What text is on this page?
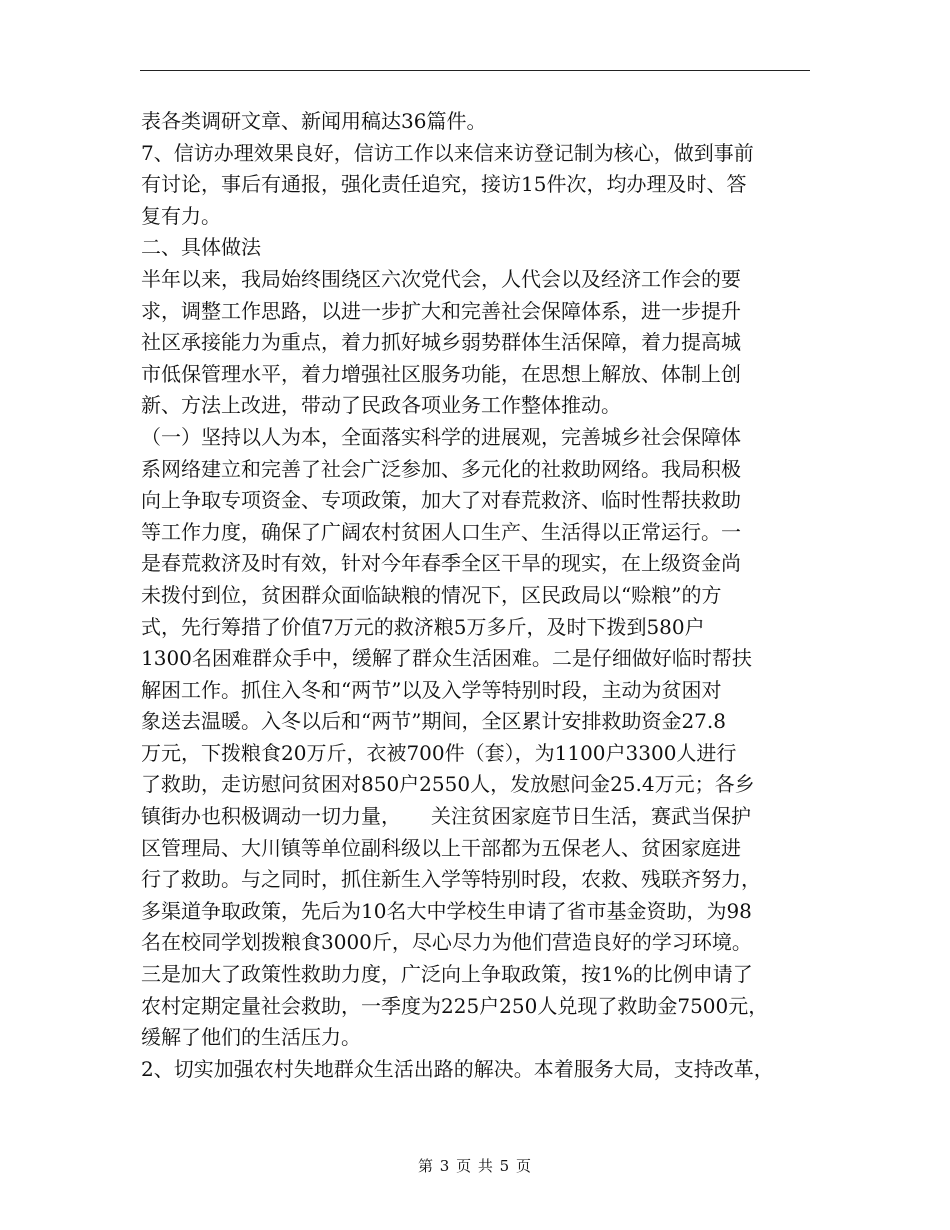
表各类调研文章、新闻用稿达36篇件。
7、信访办理效果良好，信访工作以来信来访登记制为核心，做到事前
有讨论，事后有通报，强化责任追究，接访15件次，均办理及时、答
复有力。
二、具体做法
半年以来，我局始终围绕区六次党代会，人代会以及经济工作会的要
求，调整工作思路，以进一步扩大和完善社会保障体系，进一步提升
社区承接能力为重点，着力抓好城乡弱势群体生活保障，着力提高城
市低保管理水平，着力增强社区服务功能，在思想上解放、体制上创
新、方法上改进，带动了民政各项业务工作整体推动。
（一）坚持以人为本，全面落实科学的进展观，完善城乡社会保障体
系网络建立和完善了社会广泛参加、多元化的社救助网络。我局积极
向上争取专项资金、专项政策，加大了对春荒救济、临时性帮扶救助
等工作力度，确保了广阔农村贫困人口生产、生活得以正常运行。一
是春荒救济及时有效，针对今年春季全区干旱的现实，在上级资金尚
未拨付到位，贫困群众面临缺粮的情况下，区民政局以“赊粮”的方
式，先行筹措了价值7万元的救济粮5万多斤，及时下拨到580户
1300名困难群众手中，缓解了群众生活困难。二是仔细做好临时帮扶
解困工作。抓住入冬和“两节”以及入学等特别时段，主动为贫困对
象送去温暖。入冬以后和“两节”期间，全区累计安排救助资金27.8
万元，下拨粮食20万斤，衣被700件（套），为1100户3300人进行
了救助，走访慰问贫困对850户2550人，发放慰问金25.4万元；各乡
镇街办也积极调动一切力量，　　关注贫困家庭节日生活，赛武当保护
区管理局、大川镇等单位副科级以上干部都为五保老人、贫困家庭进
行了救助。与之同时，抓住新生入学等特别时段，农救、残联齐努力，
多渠道争取政策，先后为10名大中学校生申请了省市基金资助，为98
名在校同学划拨粮食3000斤，尽心尽力为他们营造良好的学习环境。
三是加大了政策性救助力度，广泛向上争取政策，按1%的比例申请了
农村定期定量社会救助，一季度为225户250人兑现了救助金7500元，
缓解了他们的生活压力。
2、切实加强农村失地群众生活出路的解决。本着服务大局，支持改革，
第 3 页 共 5 页
